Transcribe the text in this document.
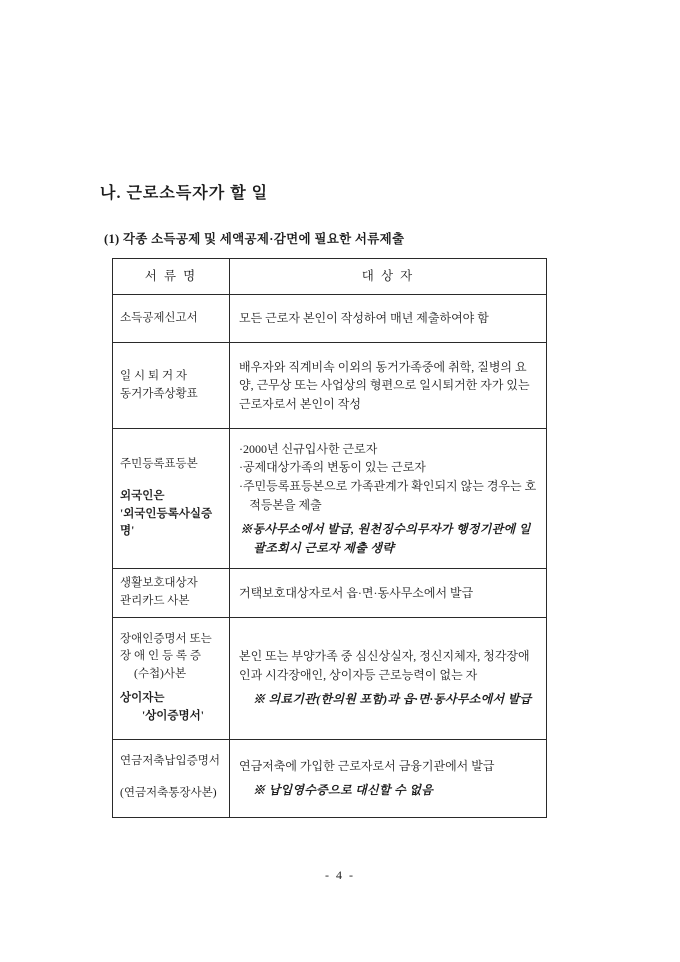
나. 근로소득자가 할 일
(1) 각종 소득공제 및 세액공제·감면에 필요한 서류제출
서 류 명	대 상 자

소득공제신고서	모든 근로자 본인이 작성하여 매년 제출하여야 함

일 시 퇴 거 자
동거가족상황표	배우자와 직계비속 이외의 동거가족중에 취학, 질병의 요양, 근무상 또는 사업상의 형편으로 일시퇴거한 자가 있는 근로자로서 본인이 작성

주민등록표등본
외국인은
'외국인등록사실증명'	·2000년 신규입사한 근로자
·공제대상가족의 변동이 있는 근로자
·주민등록표등본으로 가족관계가 확인되지 않는 경우는 호적등본을 제출
※동사무소에서 발급, 원천징수의무자가 행정기관에 일괄조회시 근로자 제출 생략

생활보호대상자
관리카드 사본	거택보호대상자로서 읍·면·동사무소에서 발급

장애인증명서 또는
장 애 인 등 록 증
(수첩)사본
상이자는
'상이증명서'	본인 또는 부양가족 중 심신상실자, 정신지체자, 청각장애인과 시각장애인, 상이자등 근로능력이 없는 자
※ 의료기관(한의원 포함)과 읍·면·동사무소에서 발급

연금저축납입증명서
(연금저축통장사본)	연금저축에 가입한 근로자로서 금융기관에서 발급
※ 납입영수증으로 대신할 수 없음
- 4 -
